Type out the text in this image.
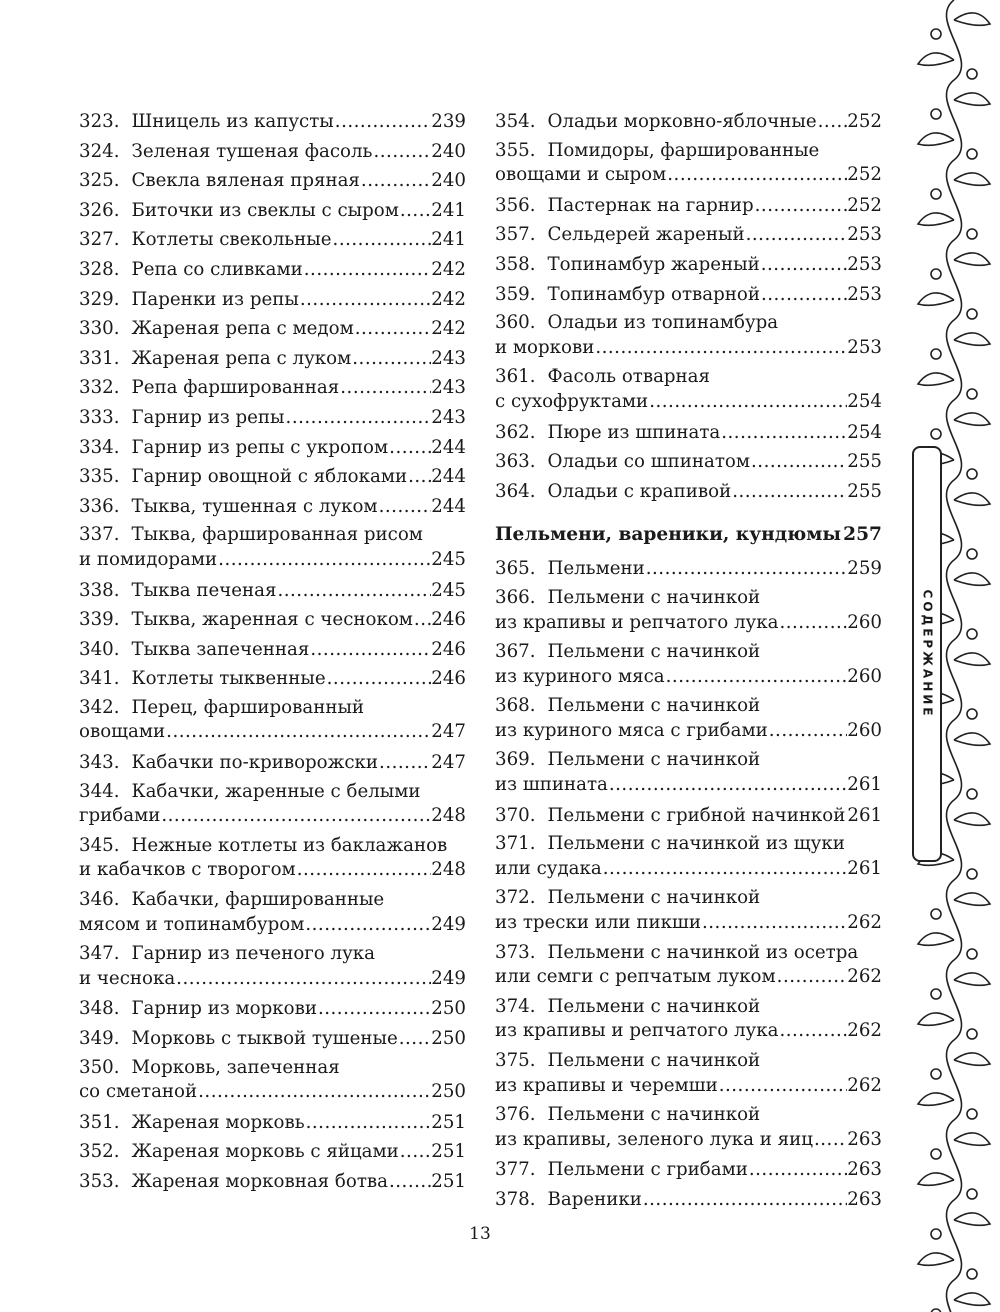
323. Шницель из капусты .....	239
324. Зеленая тушеная фасоль .....	240
325. Свекла вяленая пряная .....	240
326. Биточки из свеклы с сыром ..... 241
327. Котлеты свекольные .....	241
328. Репа со сливками .....	242
329. Паренки из репы .....	242
330. Жареная репа с медом .....	242
331. Жареная репа с луком .....	243
332. Репа фаршированная .....	243
333. Гарнир из репы .....	243
334. Гарнир из репы с укропом ..... 244
335. Гарнир овощной с яблоками ..... 244
336. Тыква, тушенная с луком .....	244
337. Тыква, фаршированная рисом
и помидорами .....	245
338. Тыква печеная .....	245
339. Тыква, жаренная с чесноком ..... 246
340. Тыква запеченная .....	246
341. Котлеты тыквенные .....	246
342. Перец, фаршированный
овощами .....	247
343. Кабачки по-криворожски .....	247
344. Кабачки, жаренные с белыми
грибами .....	248
345. Нежные котлеты из баклажанов
и кабачков с творогом .....	248
346. Кабачки, фаршированные
мясом и топинамбуром .....	249
347. Гарнир из печеного лука
и чеснока .....	249
348. Гарнир из моркови .....	250
349. Морковь с тыквой тушеные ..... 250
350. Морковь, запеченная
со сметаной .....	250
351. Жареная морковь .....	251
352. Жареная морковь с яйцами ..... 251
353. Жареная морковная ботва ..... 251
354. Оладьи морковно-яблочные ..... 252
355. Помидоры, фаршированные
овощами и сыром .....	252
356. Пастернак на гарнир .....	252
357. Сельдерей жареный .....	253
358. Топинамбур жареный .....	253
359. Топинамбур отварной .....	253
360. Оладьи из топинамбура
и моркови .....	253
361. Фасоль отварная
с сухофруктами .....	254
362. Пюре из шпината .....	254
363. Оладьи со шпинатом .....	255
364. Оладьи с крапивой .....	255
Пельмени, вареники, кундюмы ..... 257
365. Пельмени .....	259
366. Пельмени с начинкой
из крапивы и репчатого лука .....	260
367. Пельмени с начинкой
из куриного мяса .....	260
368. Пельмени с начинкой
из куриного мяса с грибами .....	260
369. Пельмени с начинкой
из шпината .....	261
370. Пельмени с грибной начинкой ..... 261
371. Пельмени с начинкой из щуки
или судака .....	261
372. Пельмени с начинкой
из трески или пикши .....	262
373. Пельмени с начинкой из осетра
или семги с репчатым луком .....	262
374. Пельмени с начинкой
из крапивы и репчатого лука .....	262
375. Пельмени с начинкой
из крапивы и черемши .....	262
376. Пельмени с начинкой
из крапивы, зеленого лука и яиц ..... 263
377. Пельмени с грибами .....	263
378. Вареники .....	263
СОДЕРЖАНИЕ
13
